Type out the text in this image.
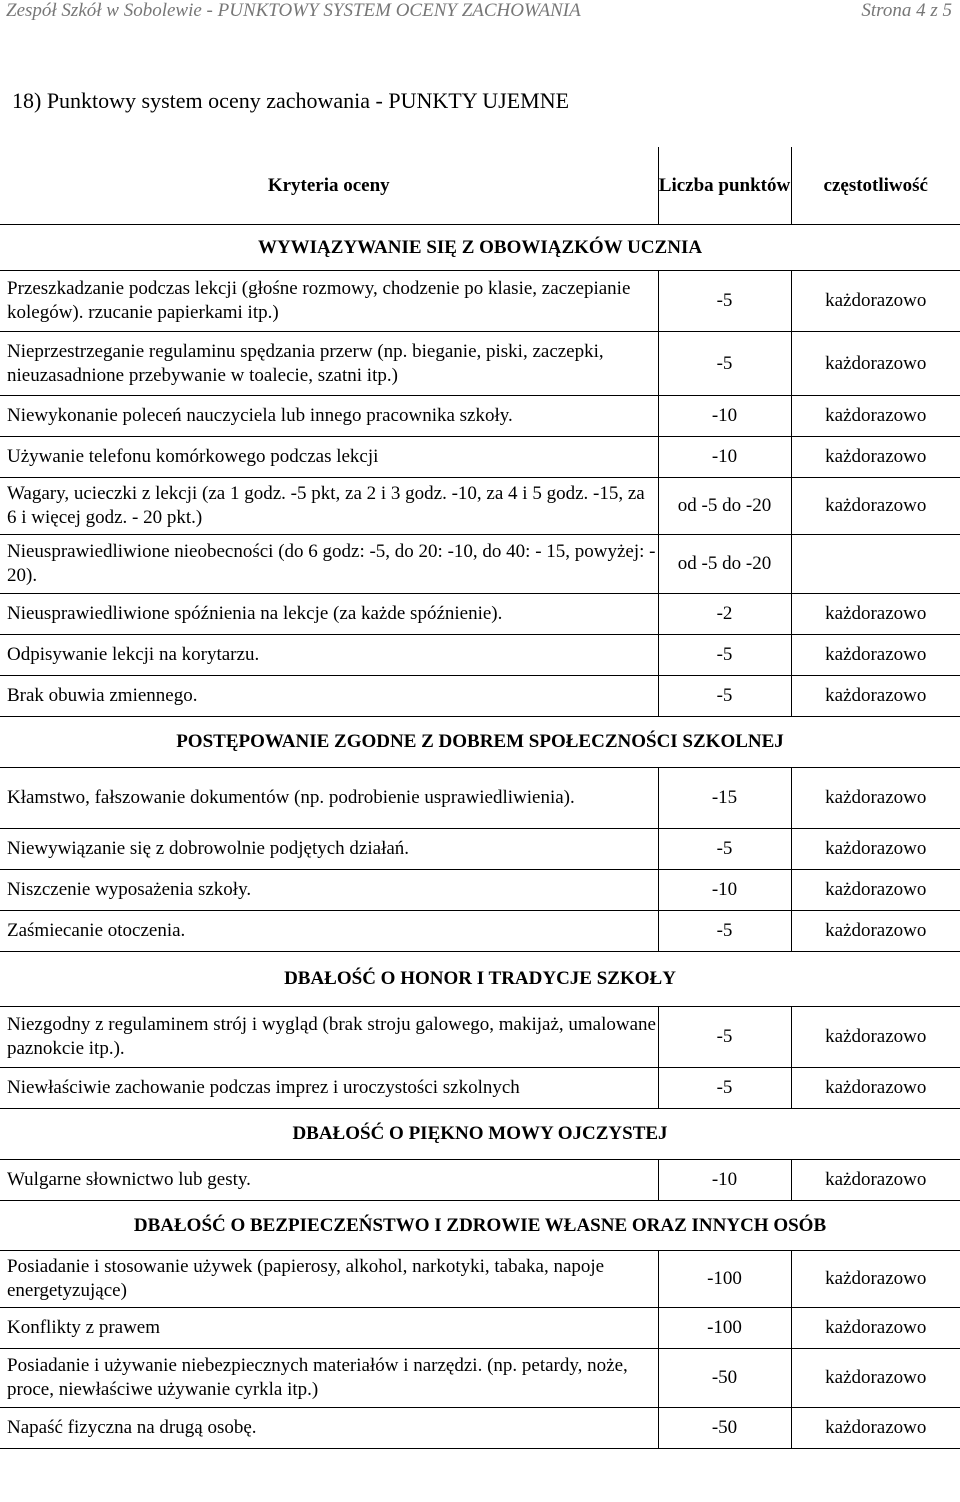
Zespół Szkół w Sobolewie - PUNKTOWY SYSTEM OCENY ZACHOWANIA	Strona 4 z 5
18) Punktowy system oceny zachowania - PUNKTY UJEMNE
Kryteria oceny	Liczba punktów	częstotliwość
WYWIĄZYWANIE SIĘ Z OBOWIĄZKÓW UCZNIA		
Przeszkadzanie podczas lekcji (głośne rozmowy, chodzenie po klasie, zaczepianie kolegów). rzucanie papierkami itp.)	-5	każdorazowo
Nieprzestrzeganie regulaminu spędzania przerw (np. bieganie, piski, zaczepki, nieuzasadnione przebywanie w toalecie, szatni itp.)	-5	każdorazowo
Niewykonanie poleceń nauczyciela lub innego pracownika szkoły.	-10	każdorazowo
Używanie telefonu komórkowego podczas lekcji	-10	każdorazowo
Wagary, ucieczki z lekcji (za 1 godz. -5 pkt, za 2 i 3 godz. -10, za 4 i 5 godz. -15, za 6 i więcej godz. - 20 pkt.)	od -5 do -20	każdorazowo
Nieusprawiedliwione nieobecności (do 6 godz: -5, do 20: -10, do 40: - 15, powyżej: - 20).	od -5 do -20	
Nieusprawiedliwione spóźnienia na lekcje (za każde spóźnienie).	-2	każdorazowo
Odpisywanie lekcji na korytarzu.	-5	każdorazowo
Brak obuwia zmiennego.	-5	każdorazowo
POSTĘPOWANIE ZGODNE Z DOBREM SPOŁECZNOŚCI SZKOLNEJ		
Kłamstwo, fałszowanie dokumentów (np. podrobienie usprawiedliwienia).	-15	każdorazowo
Niewywiązanie się z dobrowolnie podjętych działań.	-5	każdorazowo
Niszczenie wyposażenia szkoły.	-10	każdorazowo
Zaśmiecanie otoczenia.	-5	każdorazowo
DBAŁOŚĆ O HONOR I TRADYCJE SZKOŁY		
Niezgodny z regulaminem strój i wygląd (brak stroju galowego, makijaż, umalowane paznokcie itp.).	-5	każdorazowo
Niewłaściwie zachowanie podczas imprez i uroczystości szkolnych	-5	każdorazowo
DBAŁOŚĆ O PIĘKNO MOWY OJCZYSTEJ		
Wulgarne słownictwo lub gesty.	-10	każdorazowo
DBAŁOŚĆ O BEZPIECZEŃSTWO I ZDROWIE WŁASNE ORAZ INNYCH OSÓB		
Posiadanie i stosowanie używek (papierosy, alkohol, narkotyki, tabaka, napoje energetyzujące)	-100	każdorazowo
Konflikty z prawem	-100	każdorazowo
Posiadanie i używanie niebezpiecznych materiałów i narzędzi. (np. petardy, noże, proce, niewłaściwe używanie cyrkla itp.)	-50	każdorazowo
Napaść fizyczna na drugą osobę.	-50	każdorazowo
